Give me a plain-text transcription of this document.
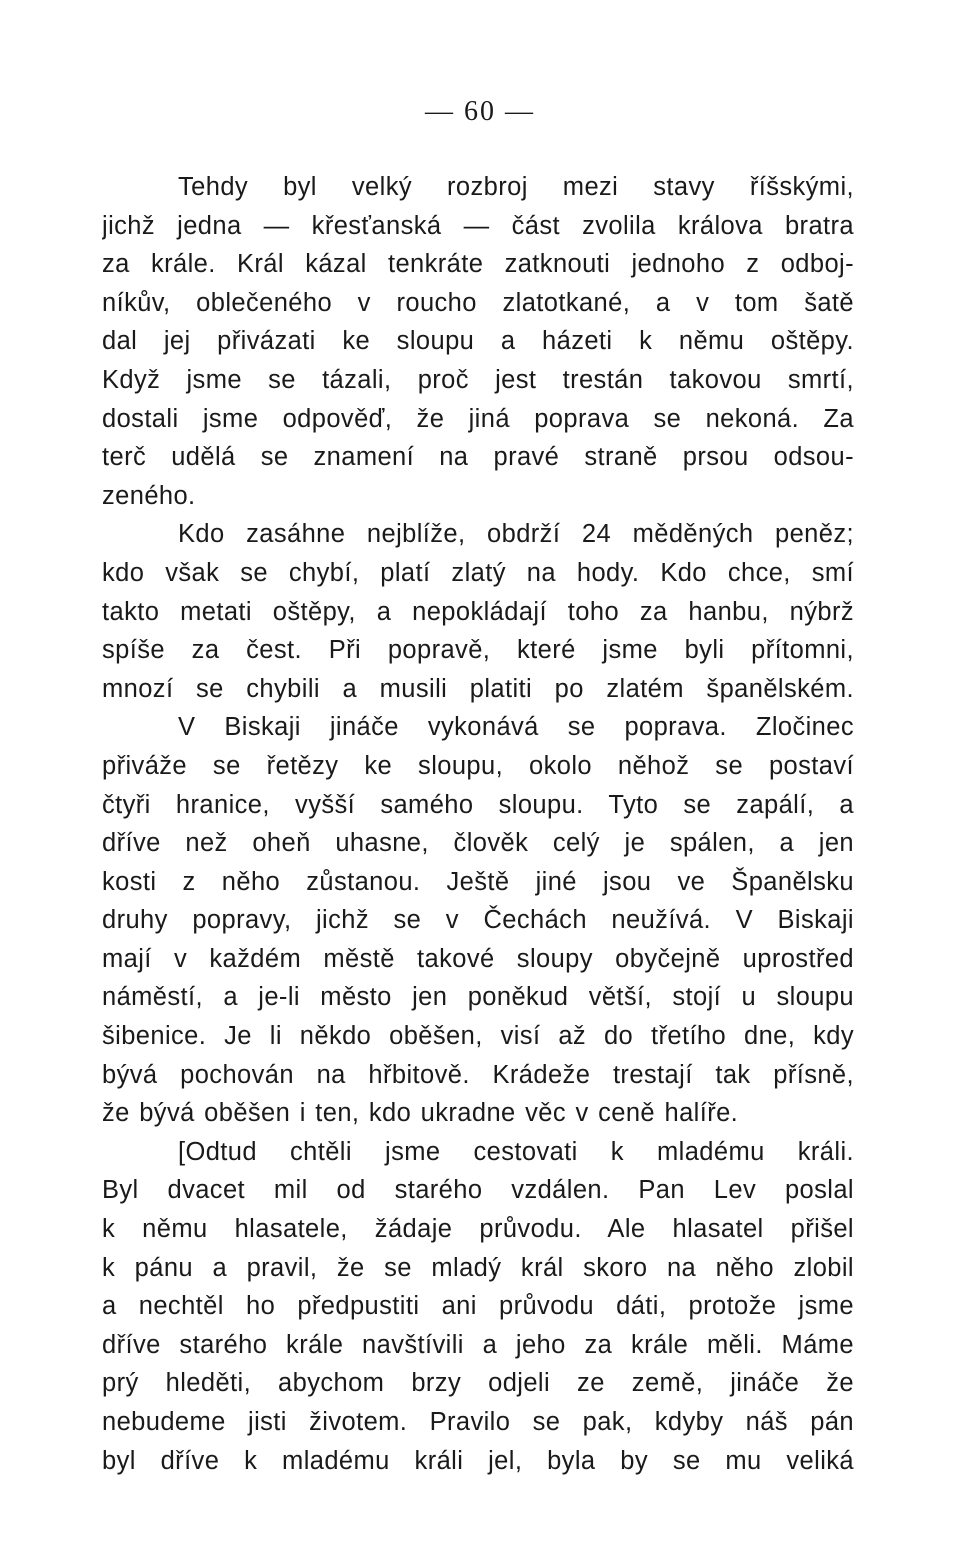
— 60 —
Tehdy byl velký rozbroj mezi stavy říšskými,
jichž jedna — křesťanská — část zvolila králova bratra
za krále. Král kázal tenkráte zatknouti jednoho z odboj-
níkův, oblečeného v roucho zlatotkané, a v tom šatě
dal jej přivázati ke sloupu a házeti k němu oštěpy.
Když jsme se tázali, proč jest trestán takovou smrtí,
dostali jsme odpověď, že jiná poprava se nekoná. Za
terč udělá se znamení na pravé straně prsou odsou-
zeného.
Kdo zasáhne nejblíže, obdrží 24 měděných peněz;
kdo však se chybí, platí zlatý na hody. Kdo chce, smí
takto metati oštěpy, a nepokládají toho za hanbu, nýbrž
spíše za čest. Při popravě, které jsme byli přítomni,
mnozí se chybili a musili platiti po zlatém španělském.
V Biskaji jináče vykonává se poprava. Zločinec
přiváže se řetězy ke sloupu, okolo něhož se postaví
čtyři hranice, vyšší samého sloupu. Tyto se zapálí, a
dříve než oheň uhasne, člověk celý je spálen, a jen
kosti z něho zůstanou. Ještě jiné jsou ve Španělsku
druhy popravy, jichž se v Čechách neužívá. V Biskaji
mají v každém městě takové sloupy obyčejně uprostřed
náměstí, a je-li město jen poněkud větší, stojí u sloupu
šibenice. Je li někdo oběšen, visí až do třetího dne, kdy
bývá pochován na hřbitově. Krádeže trestají tak přísně,
že bývá oběšen i ten, kdo ukradne věc v ceně halíře.
[Odtud chtěli jsme cestovati k mladému králi.
Byl dvacet mil od starého vzdálen. Pan Lev poslal
k němu hlasatele, žádaje průvodu. Ale hlasatel přišel
k pánu a pravil, že se mladý král skoro na něho zlobil
a nechtěl ho předpustiti ani průvodu dáti, protože jsme
dříve starého krále navštívili a jeho za krále měli. Máme
prý hleděti, abychom brzy odjeli ze země, jináče že
nebudeme jisti životem. Pravilo se pak, kdyby náš pán
byl dříve k mladému králi jel, byla by se mu veliká
